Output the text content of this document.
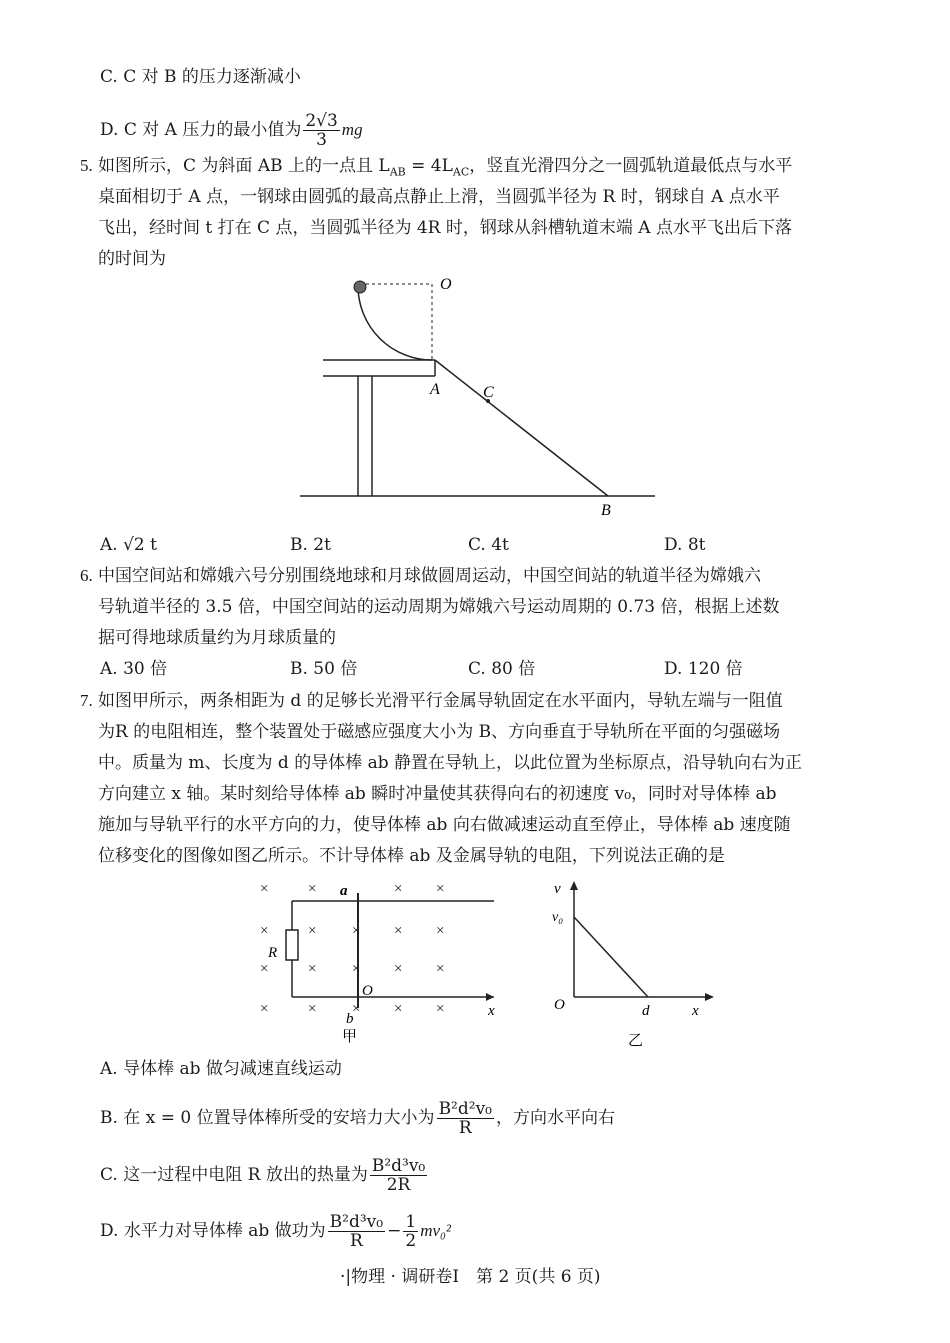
C. C 对 B 的压力逐渐减小
D. C 对 A 压力的最小值为 $\frac{2√3}{3}$ mg
5. 如图所示，C 为斜面 AB 上的一点且 $L_{AB} = 4L_{AC}$，竖直光滑四分之一圆弧轨道最低点与水平
桌面相切于 A 点，一钢球由圆弧的最高点静止上滑，当圆弧半径为 R 时，钢球自 A 点水平
飞出，经时间 t 打在 C 点，当圆弧半径为 4R 时，钢球从斜槽轨道末端 A 点水平飞出后下落
的时间为
O
A	C
B
A. √2 t	B. 2t	C. 4t	D. 8t
6. 中国空间站和嫦娥六号分别围绕地球和月球做圆周运动，中国空间站的轨道半径为嫦娥六
号轨道半径的 3.5 倍，中国空间站的运动周期为嫦娥六号运动周期的 0.73 倍，根据上述数
据可得地球质量约为月球质量的
A. 30 倍	B. 50 倍	C. 80 倍	D. 120 倍
7. 如图甲所示，两条相距为 d 的足够长光滑平行金属导轨固定在水平面内，导轨左端与一阻值
为R 的电阻相连，整个装置处于磁感应强度大小为 B、方向垂直于导轨所在平面的匀强磁场
中。质量为 m、长度为 d 的导体棒 ab 静置在导轨上，以此位置为坐标原点，沿导轨向右为正
方向建立 x 轴。某时刻给导体棒 ab 瞬时冲量使其获得向右的初速度 v₀，同时对导体棒 ab
施加与导轨平行的水平方向的力，使导体棒 ab 向右做减速运动直至停止，导体棒 ab 速度随
位移变化的图像如图乙所示。不计导体棒 ab 及金属导轨的电阻，下列说法正确的是
×	×	× ×
×	× × × ×
×	× × × ×
×	× × × ×
R
a
O
b	x
甲
v
v₀
O	d	x
乙
A. 导体棒 ab 做匀减速直线运动
B. 在 x = 0 位置导体棒所受的安培力大小为 $\frac{\text{B²d²v₀}}{R}$ ，方向水平向右
C. 这一过程中电阻 R 放出的热量为 $\frac{\text{B²d³v₀}}{2R}$
D. 水平力对导体棒 ab 做功为 $\frac{\text{B²d³v₀}}{R} - \frac{1}{2} mv_0^2$
·|物理 · 调研卷Ⅰ　第 2 页(共 6 页)
